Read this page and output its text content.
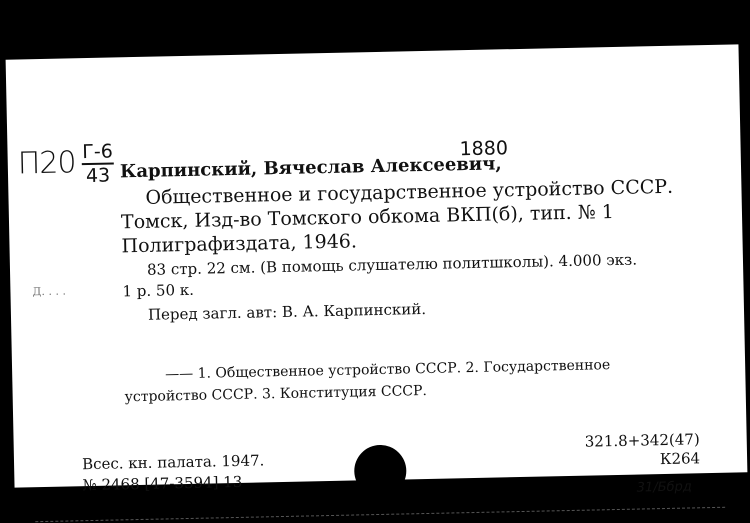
П20 Г-6
43
1880
Карпинский, Вячеслав Алексеевич,
Общественное и государственное устройство СССР.
Томск, Изд-во Томского обкома ВКП(б), тип. № 1
Полиграфиздата, 1946.
83 стр. 22 см. (В помощь слушателю политшколы). 4.000 экз.
1 р. 50 к.
Перед загл. авт: В. А. Карпинский.
—— 1. Общественное устройство СССР. 2. Государственное
устройство СССР. 3. Конституция СССР.
Д. . . .
Всес. кн. палата. 1947.
№ 2468 [47-3594] 13
321.8+342(47)
К264
31/Ббрд
